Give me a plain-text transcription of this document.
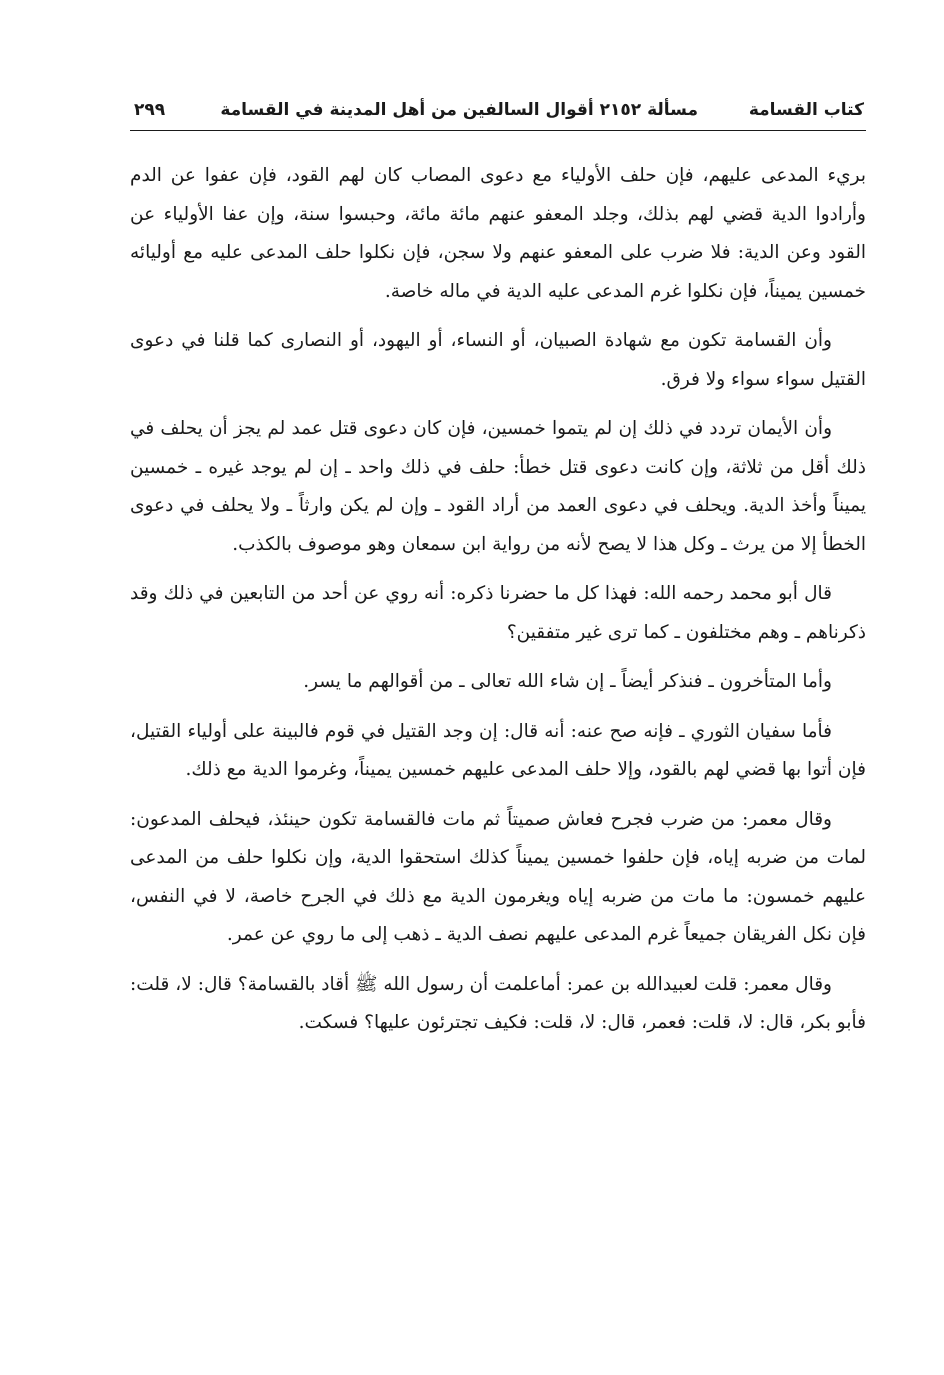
كتاب القسامة
مسألة ٢١٥٢ أقوال السالفين من أهل المدينة في القسامة
٢٩٩

بريء المدعى عليهم، فإن حلف الأولياء مع دعوى المصاب كان لهم القود، فإن عفوا عن الدم وأرادوا الدية قضي لهم بذلك، وجلد المعفو عنهم مائة مائة، وحبسوا سنة، وإن عفا الأولياء عن القود وعن الدية: فلا ضرب على المعفو عنهم ولا سجن، فإن نكلوا حلف المدعى عليه مع أوليائه خمسين يميناً، فإن نكلوا غرم المدعى عليه الدية في ماله خاصة.

وأن القسامة تكون مع شهادة الصبيان، أو النساء، أو اليهود، أو النصارى كما قلنا في دعوى القتيل سواء سواء ولا فرق.

وأن الأيمان تردد في ذلك إن لم يتموا خمسين، فإن كان دعوى قتل عمد لم يجز أن يحلف في ذلك أقل من ثلاثة، وإن كانت دعوى قتل خطأ: حلف في ذلك واحد ـ إن لم يوجد غيره ـ خمسين يميناً وأخذ الدية. ويحلف في دعوى العمد من أراد القود ـ وإن لم يكن وارثاً ـ ولا يحلف في دعوى الخطأ إلا من يرث ـ وكل هذا لا يصح لأنه من رواية ابن سمعان وهو موصوف بالكذب.

قال أبو محمد رحمه الله: فهذا كل ما حضرنا ذكره: أنه روي عن أحد من التابعين في ذلك وقد ذكرناهم ـ وهم مختلفون ـ كما ترى غير متفقين؟

وأما المتأخرون ـ فنذكر أيضاً ـ إن شاء الله تعالى ـ من أقوالهم ما يسر.

فأما سفيان الثوري ـ فإنه صح عنه: أنه قال: إن وجد القتيل في قوم فالبينة على أولياء القتيل، فإن أتوا بها قضي لهم بالقود، وإلا حلف المدعى عليهم خمسين يميناً، وغرموا الدية مع ذلك.

وقال معمر: من ضرب فجرح فعاش صميتاً ثم مات فالقسامة تكون حينئذ، فيحلف المدعون: لمات من ضربه إياه، فإن حلفوا خمسين يميناً كذلك استحقوا الدية، وإن نكلوا حلف من المدعى عليهم خمسون: ما مات من ضربه إياه ويغرمون الدية مع ذلك في الجرح خاصة، لا في النفس، فإن نكل الفريقان جميعاً غرم المدعى عليهم نصف الدية ـ ذهب إلى ما روي عن عمر.

وقال معمر: قلت لعبيدالله بن عمر: أماعلمت أن رسول الله ﷺ أقاد بالقسامة؟ قال: لا، قلت: فأبو بكر، قال: لا، قلت: فعمر، قال: لا، قلت: فكيف تجترئون عليها؟ فسكت.
